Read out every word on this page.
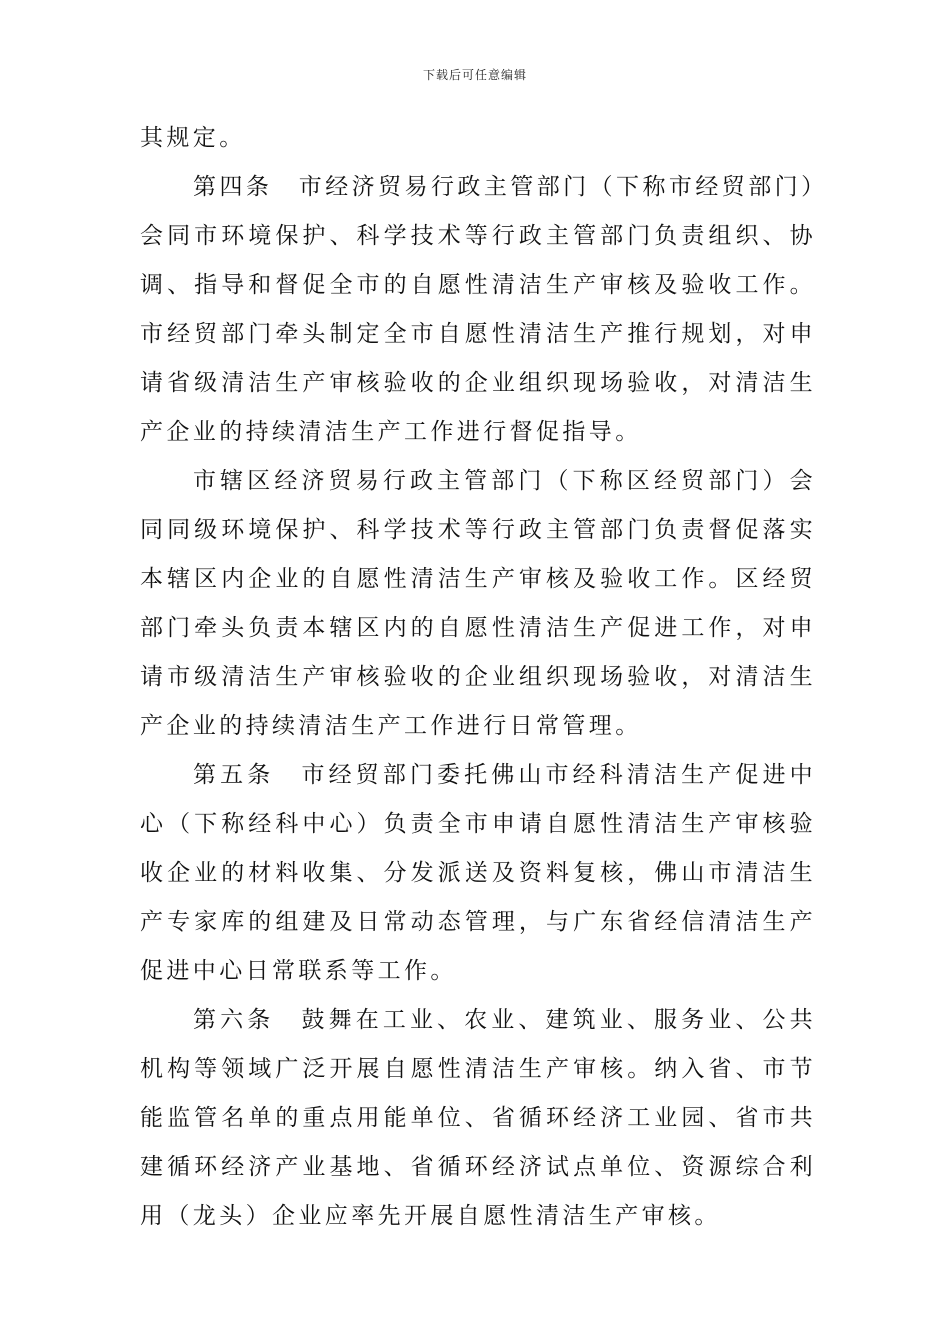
下载后可任意编辑

其规定。

第四条　市经济贸易行政主管部门（下称市经贸部门）会同市环境保护、科学技术等行政主管部门负责组织、协调、指导和督促全市的自愿性清洁生产审核及验收工作。市经贸部门牵头制定全市自愿性清洁生产推行规划，对申请省级清洁生产审核验收的企业组织现场验收，对清洁生产企业的持续清洁生产工作进行督促指导。

市辖区经济贸易行政主管部门（下称区经贸部门）会同同级环境保护、科学技术等行政主管部门负责督促落实本辖区内企业的自愿性清洁生产审核及验收工作。区经贸部门牵头负责本辖区内的自愿性清洁生产促进工作，对申请市级清洁生产审核验收的企业组织现场验收，对清洁生产企业的持续清洁生产工作进行日常管理。

第五条　市经贸部门委托佛山市经科清洁生产促进中心（下称经科中心）负责全市申请自愿性清洁生产审核验收企业的材料收集、分发派送及资料复核，佛山市清洁生产专家库的组建及日常动态管理，与广东省经信清洁生产促进中心日常联系等工作。

第六条　鼓舞在工业、农业、建筑业、服务业、公共机构等领域广泛开展自愿性清洁生产审核。纳入省、市节能监管名单的重点用能单位、省循环经济工业园、省市共建循环经济产业基地、省循环经济试点单位、资源综合利用（龙头）企业应率先开展自愿性清洁生产审核。
